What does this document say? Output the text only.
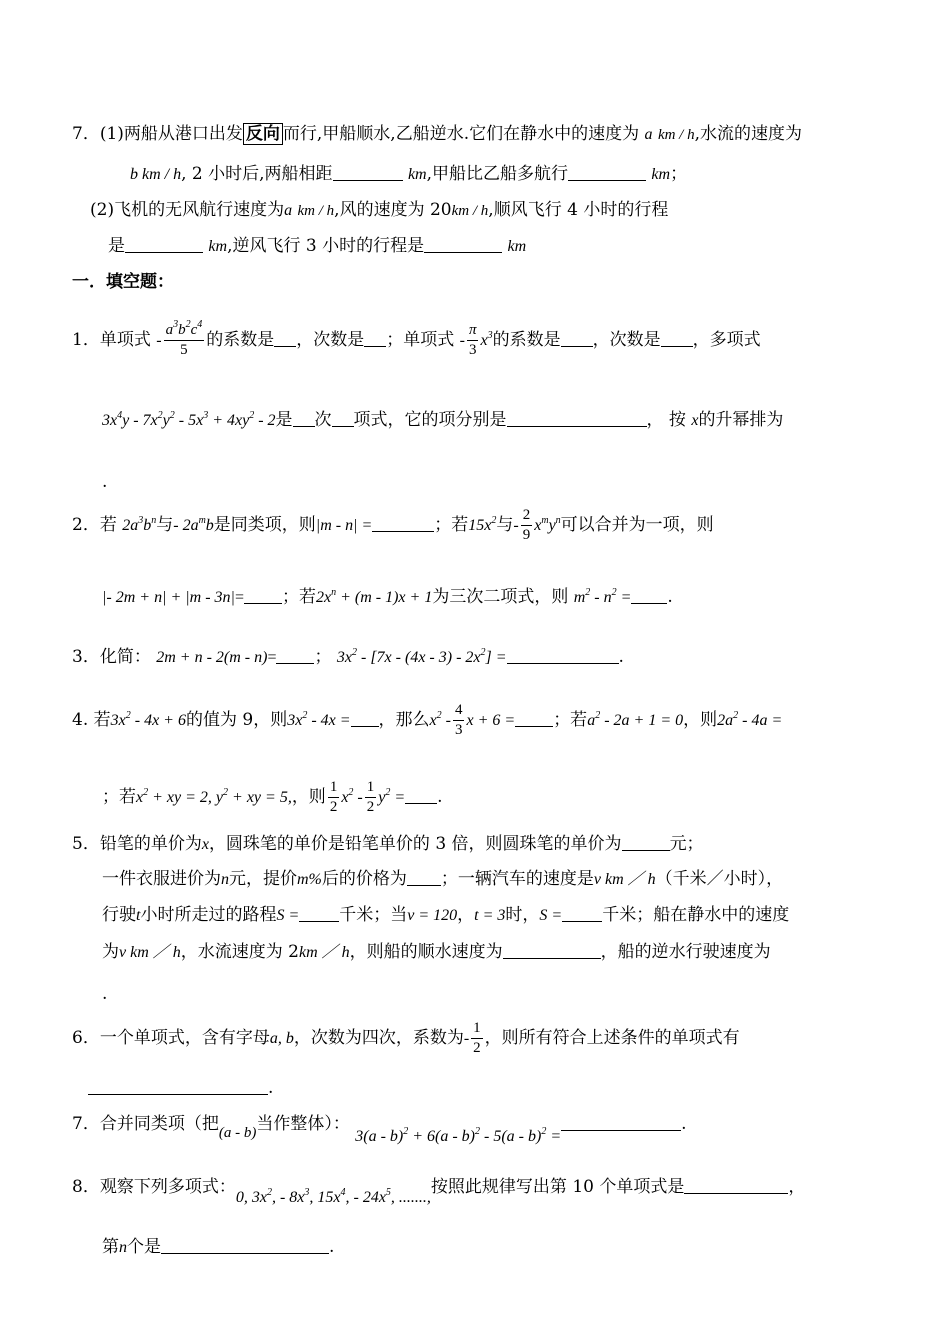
7．(1)两船从港口出发 反向 而行,甲船顺水,乙船逆水.它们在静水中的速度为 a km / h,水流的速度为
b km / h, 2 小时后,两船相距	km,甲船比乙船多航行	km；
(2)飞机的无风航行速度为a km / h,风的速度为 20km / h,顺风飞行 4 小时的行程
是	km,逆风飞行 3 小时的行程是	km
一．填空题：
1．单项式 - $\frac{a^3b^2c^4}{5}$ 的系数是 ，次数是 ；单项式 - $\frac{\pi}{3} x^3$的系数是 ，次数是 ，多项式
$3x^4y - 7x^2y^2 - 5x^3 + 4xy^2 - 2$是 次 项式，它的项分别是	， 按 x的升幂排为
.
2．若 $2a^3b^n$与- $2a^mb$是同类项，则|m - n| =	；若$15x^2$与- $\frac{2}{9} x^my^n$可以合并为一项，则
|- 2m + n| + |m - 3n|= ；若$2x^n + (m - 1)x + 1$为三次二项式，则 $m^2 - n^2$ = .
3．化简： 2m + n - 2(m - n)= ； $3x^2 - [7x - (4x - 3) - 2x^2]$ =	.
4. 若$3x^2 - 4x + 6$的值为 9，则$3x^2 - 4x$ = ，那么$x^2 - \frac{4}{3}$ x + 6 = ；若$a^2 - 2a + 1 = 0$，则$2a^2 - 4a$ =
；若$x^2$ + xy = 2, $y^2$ + xy = 5,，则 $\frac{1}{2} x^2 - \frac{1}{2} y^2$ = .
5．铅笔的单价为x，圆珠笔的单价是铅笔单价的 3 倍，则圆珠笔的单价为	元；
一件衣服进价为n元，提价m%后的价格为 ；一辆汽车的速度是v km ／ h（千米／小时），
行驶t小时所走过的路程S = 千米；当v = 120，t = 3时，S = 千米；船在静水中的速度
为v km ／ h，水流速度为 2km ／ h，则船的顺水速度为	，船的逆水行驶速度为
.
6．一个单项式，含有字母a, b，次数为四次，系数为- $\frac{1}{2}$ ，则所有符合上述条件的单项式有
.
7．合并同类项（把(a - b)当作整体）： 3(a - b)$^2$ + 6(a - b)$^2$ - 5(a - b)$^2$ =.
8．观察下列多项式：0, $3x^2$, - $8x^3$, $15x^4$, - $24x^5$, .......,按照此规律写出第 10 个单项式是	，
第n个是	.
